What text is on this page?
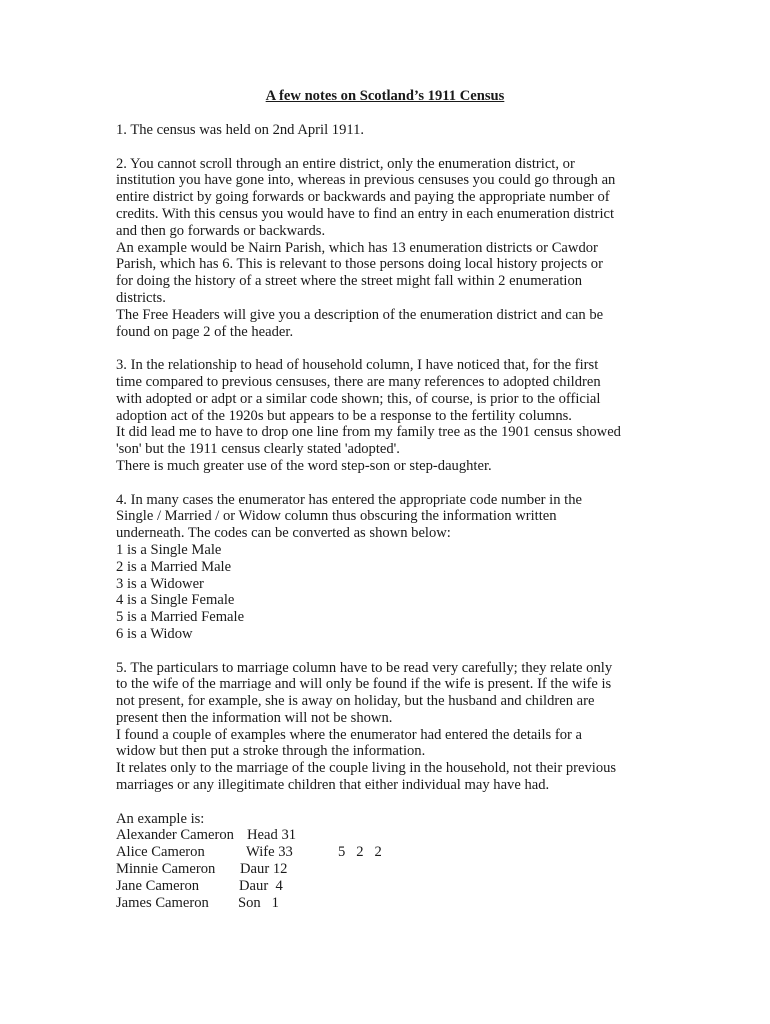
A few notes on Scotland’s 1911 Census
1. The census was held on 2nd April 1911.
2. You cannot scroll through an entire district, only the enumeration district, or
institution you have gone into, whereas in previous censuses you could go through an
entire district by going forwards or backwards and paying the appropriate number of
credits. With this census you would have to find an entry in each enumeration district
and then go forwards or backwards.
An example would be Nairn Parish, which has 13 enumeration districts or Cawdor
Parish, which has 6. This is relevant to those persons doing local history projects or
for doing the history of a street where the street might fall within 2 enumeration
districts.
The Free Headers will give you a description of the enumeration district and can be
found on page 2 of the header.
3. In the relationship to head of household column, I have noticed that, for the first
time compared to previous censuses, there are many references to adopted children
with adopted or adpt or a similar code shown; this, of course, is prior to the official
adoption act of the 1920s but appears to be a response to the fertility columns.
It did lead me to have to drop one line from my family tree as the 1901 census showed
'son' but the 1911 census clearly stated 'adopted'.
There is much greater use of the word step-son or step-daughter.
4. In many cases the enumerator has entered the appropriate code number in the
Single / Married / or Widow column thus obscuring the information written
underneath. The codes can be converted as shown below:
1 is a Single Male
2 is a Married Male
3 is a Widower
4 is a Single Female
5 is a Married Female
6 is a Widow
5. The particulars to marriage column have to be read very carefully; they relate only
to the wife of the marriage and will only be found if the wife is present. If the wife is
not present, for example, she is away on holiday, but the husband and children are
present then the information will not be shown.
I found a couple of examples where the enumerator had entered the details for a
widow but then put a stroke through the information.
It relates only to the marriage of the couple living in the household, not their previous
marriages or any illegitimate children that either individual may have had.
An example is:
Alexander Cameron Head 31
Alice Cameron	Wife 33	5   2   2
Minnie Cameron Daur 12
Jane Cameron	Daur  4
James Cameron Son   1
